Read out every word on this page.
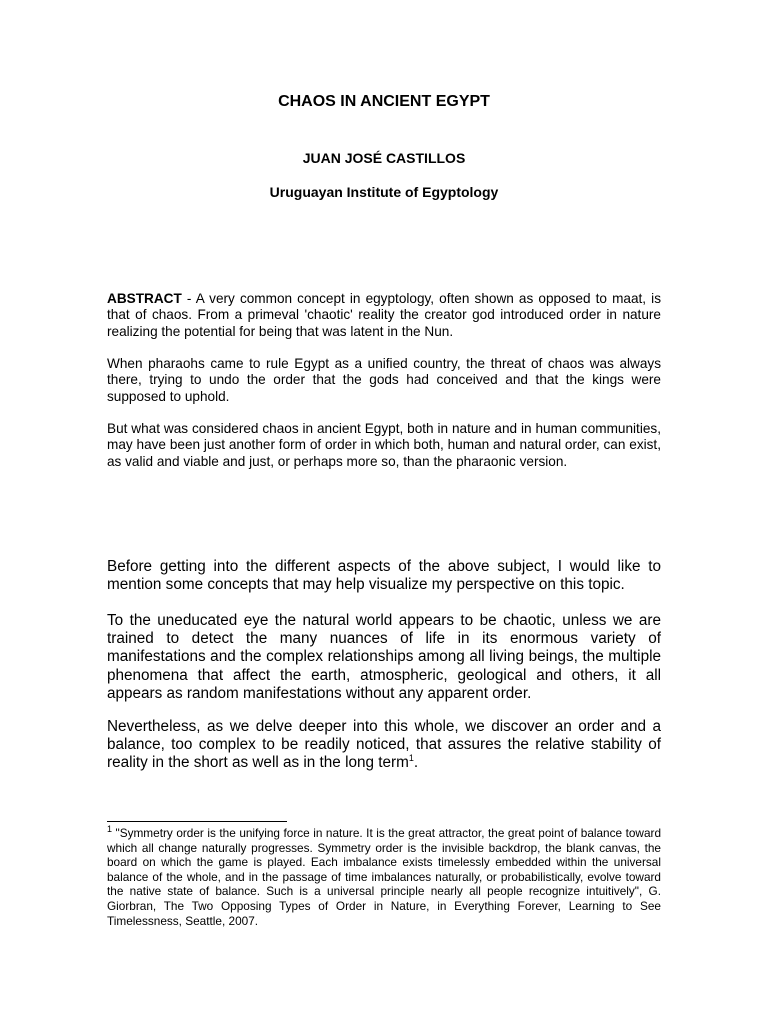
CHAOS IN ANCIENT EGYPT
JUAN JOSÉ CASTILLOS
Uruguayan Institute of Egyptology
ABSTRACT - A very common concept in egyptology, often shown as opposed to maat, is that of chaos. From a primeval 'chaotic' reality the creator god introduced order in nature realizing the potential for being that was latent in the Nun.
When pharaohs came to rule Egypt as a unified country, the threat of chaos was always there, trying to undo the order that the gods had conceived and that the kings were supposed to uphold.
But what was considered chaos in ancient Egypt, both in nature and in human communities, may have been just another form of order in which both, human and natural order, can exist, as valid and viable and just, or perhaps more so, than the pharaonic version.
Before getting into the different aspects of the above subject, I would like to mention some concepts that may help visualize my perspective on this topic.
To the uneducated eye the natural world appears to be chaotic, unless we are trained to detect the many nuances of life in its enormous variety of manifestations and the complex relationships among all living beings, the multiple phenomena that affect the earth, atmospheric, geological and others, it all appears as random manifestations without any apparent order.
Nevertheless, as we delve deeper into this whole, we discover an order and a balance, too complex to be readily noticed, that assures the relative stability of reality in the short as well as in the long term$^1$.
$^1$ "Symmetry order is the unifying force in nature. It is the great attractor, the great point of balance toward which all change naturally progresses. Symmetry order is the invisible backdrop, the blank canvas, the board on which the game is played. Each imbalance exists timelessly embedded within the universal balance of the whole, and in the passage of time imbalances naturally, or probabilistically, evolve toward the native state of balance. Such is a universal principle nearly all people recognize intuitively", G. Giorbran, The Two Opposing Types of Order in Nature, in Everything Forever, Learning to See Timelessness, Seattle, 2007.
